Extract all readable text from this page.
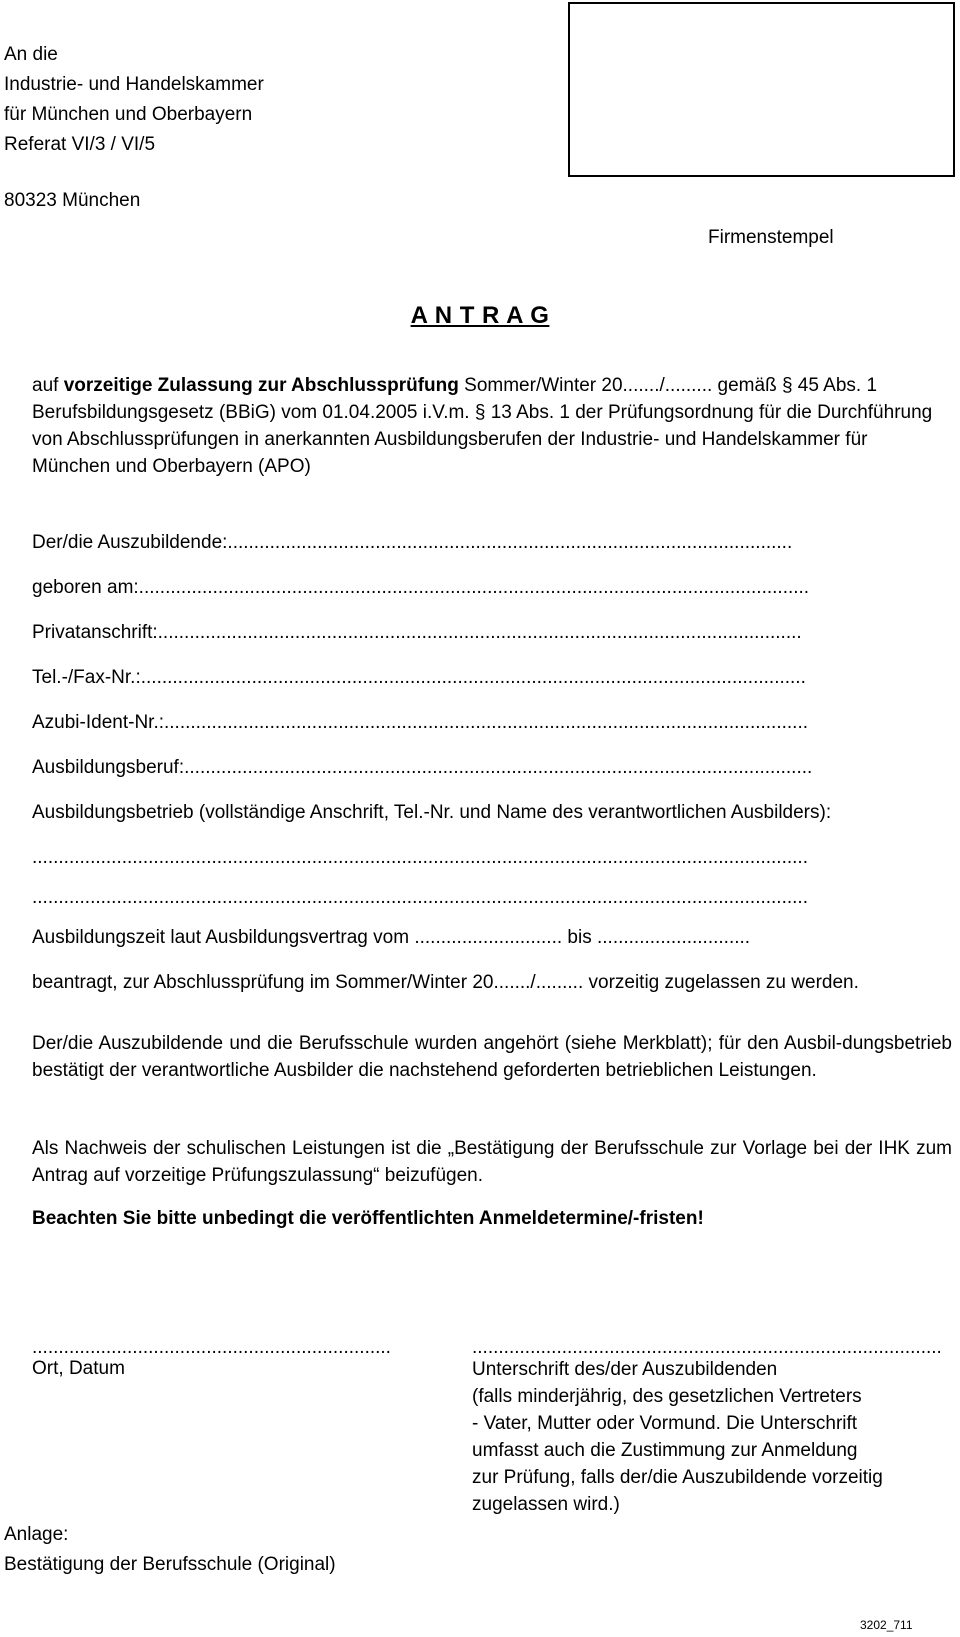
An die
Industrie- und Handelskammer
für München und Oberbayern
Referat VI/3 / VI/5
80323 München
Firmenstempel
A N T R A G
auf vorzeitige Zulassung zur Abschlussprüfung Sommer/Winter 20......./......... gemäß § 45 Abs. 1 Berufsbildungsgesetz (BBiG) vom 01.04.2005 i.V.m. § 13 Abs. 1 der Prüfungsordnung für die Durchführung von Abschlussprüfungen in anerkannten Ausbildungsberufen der Industrie- und Handelskammer für München und Oberbayern (APO)
Der/die Auszubildende:...........................................................................................................
geboren am:...............................................................................................................................
Privatanschrift:..........................................................................................................................
Tel.-/Fax-Nr.:..............................................................................................................................
Azubi-Ident-Nr.:..........................................................................................................................
Ausbildungsberuf:.......................................................................................................................
Ausbildungsbetrieb (vollständige Anschrift, Tel.-Nr. und Name des verantwortlichen Ausbilders):
...................................................................................................................................................
...................................................................................................................................................
Ausbildungszeit laut Ausbildungsvertrag vom ............................ bis .............................
beantragt, zur Abschlussprüfung im Sommer/Winter 20......./......... vorzeitig zugelassen zu werden.
Der/die Auszubildende und die Berufsschule wurden angehört (siehe Merkblatt); für den Ausbil-dungsbetrieb bestätigt der verantwortliche Ausbilder die nachstehend geforderten betrieblichen Leistungen.
Als Nachweis der schulischen Leistungen ist die „Bestätigung der Berufsschule zur Vorlage bei der IHK zum Antrag auf vorzeitige Prüfungszulassung“ beizufügen.
Beachten Sie bitte unbedingt die veröffentlichten Anmeldetermine/-fristen!
....................................................................	.........................................................................................
Ort, Datum	Unterschrift des/der Auszubildenden
(falls minderjährig, des gesetzlichen Vertreters
- Vater, Mutter oder Vormund. Die Unterschrift
umfasst auch die Zustimmung zur Anmeldung
zur Prüfung, falls der/die Auszubildende vorzeitig
zugelassen wird.)
Anlage:
Bestätigung der Berufsschule (Original)
3202_711
